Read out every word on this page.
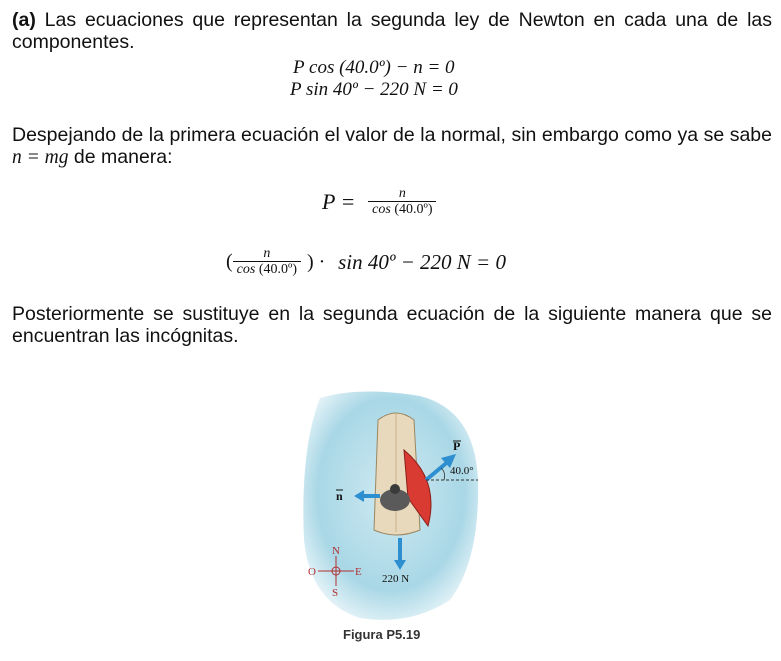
(a) Las ecuaciones que representan la segunda ley de Newton en cada una de las componentes.
P cos (40.0º) − n = 0
P sin 40º − 220 N = 0
Despejando de la primera ecuación el valor de la normal, sin embargo como ya se sabe n = mg de manera:
$P = \frac{n}{\text{cos (40.0º)}}$
( $\frac{n}{\text{cos (40.0º)}}$ ) · sin 40º − 220 N = 0
Posteriormente se sustituye en la segunda ecuación de la siguiente manera que se encuentran las incógnitas.
P
40.0°
n
220 N
N
S
E
O
Figura P5.19
